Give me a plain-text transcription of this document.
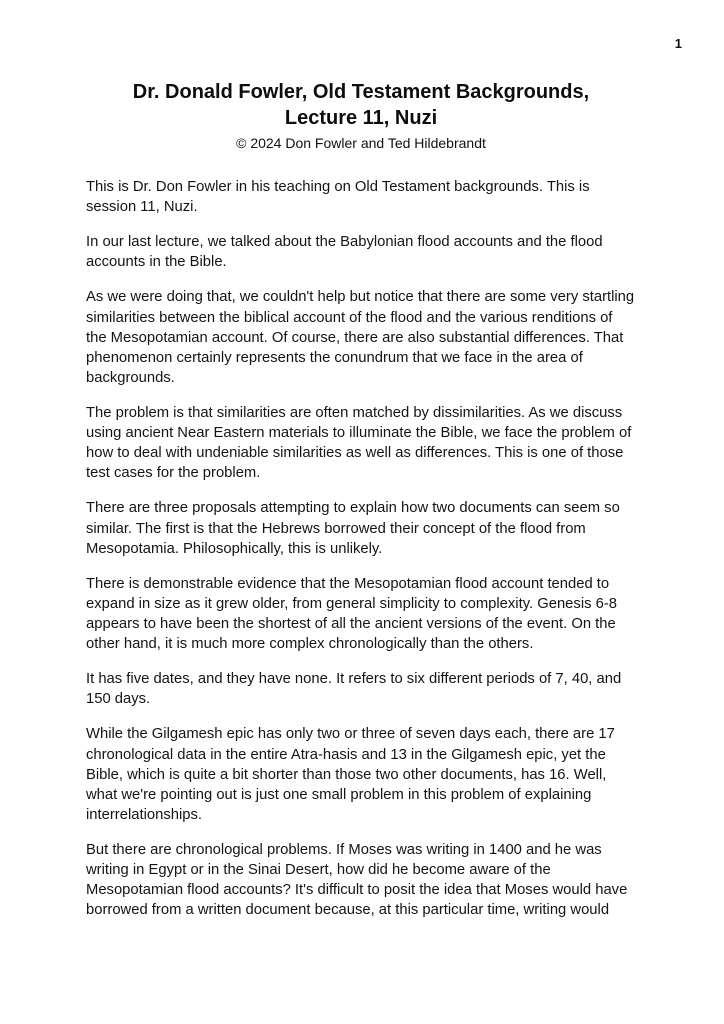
1
Dr. Donald Fowler, Old Testament Backgrounds,
Lecture 11, Nuzi
© 2024 Don Fowler and Ted Hildebrandt

This is Dr. Don Fowler in his teaching on Old Testament backgrounds. This is session 11, Nuzi.

In our last lecture, we talked about the Babylonian flood accounts and the flood accounts in the Bible.

As we were doing that, we couldn't help but notice that there are some very startling similarities between the biblical account of the flood and the various renditions of the Mesopotamian account. Of course, there are also substantial differences. That phenomenon certainly represents the conundrum that we face in the area of backgrounds.

The problem is that similarities are often matched by dissimilarities. As we discuss using ancient Near Eastern materials to illuminate the Bible, we face the problem of how to deal with undeniable similarities as well as differences. This is one of those test cases for the problem.

There are three proposals attempting to explain how two documents can seem so similar. The first is that the Hebrews borrowed their concept of the flood from Mesopotamia. Philosophically, this is unlikely.

There is demonstrable evidence that the Mesopotamian flood account tended to expand in size as it grew older, from general simplicity to complexity. Genesis 6-8 appears to have been the shortest of all the ancient versions of the event. On the other hand, it is much more complex chronologically than the others.

It has five dates, and they have none. It refers to six different periods of 7, 40, and 150 days.

While the Gilgamesh epic has only two or three of seven days each, there are 17 chronological data in the entire Atra-hasis and 13 in the Gilgamesh epic, yet the Bible, which is quite a bit shorter than those two other documents, has 16. Well, what we're pointing out is just one small problem in this problem of explaining interrelationships.

But there are chronological problems. If Moses was writing in 1400 and he was writing in Egypt or in the Sinai Desert, how did he become aware of the Mesopotamian flood accounts? It's difficult to posit the idea that Moses would have borrowed from a written document because, at this particular time, writing would
